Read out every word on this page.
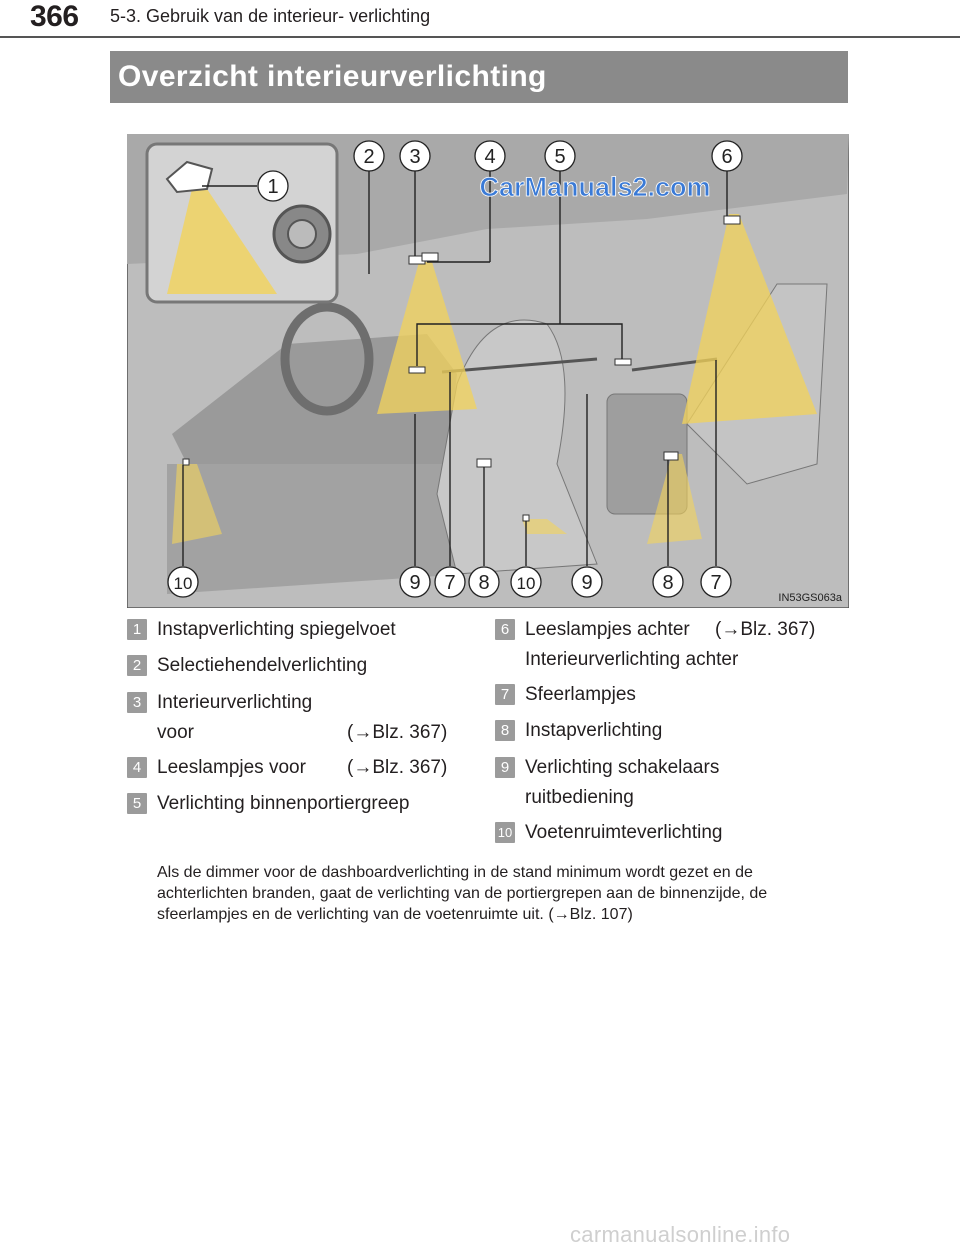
366 5-3. Gebruik van de interieur- verlichting
Overzicht interieurverlichting
1
2 3	4	5	6
10	9 7 8 10 9	8 7
CarManuals2.com
IN53GS063a
1 Instapverlichting spiegelvoet
2 Selectiehendelverlichting
3 Interieurverlichting
voor	(→Blz. 367)
4 Leeslampjes voor (→Blz. 367)
5 Verlichting binnenportiergreep
6 Leeslampjes achter (→Blz. 367)
Interieurverlichting achter
7 Sfeerlampjes
8 Instapverlichting
9 Verlichting schakelaars
ruitbediening
10 Voetenruimteverlichting
Als de dimmer voor de dashboardverlichting in de stand minimum wordt gezet en de achterlichten branden, gaat de verlichting van de portiergrepen aan de binnenzijde, de sfeerlampjes en de verlichting van de voetenruimte uit. (→Blz. 107)
carmanualsonline.info
